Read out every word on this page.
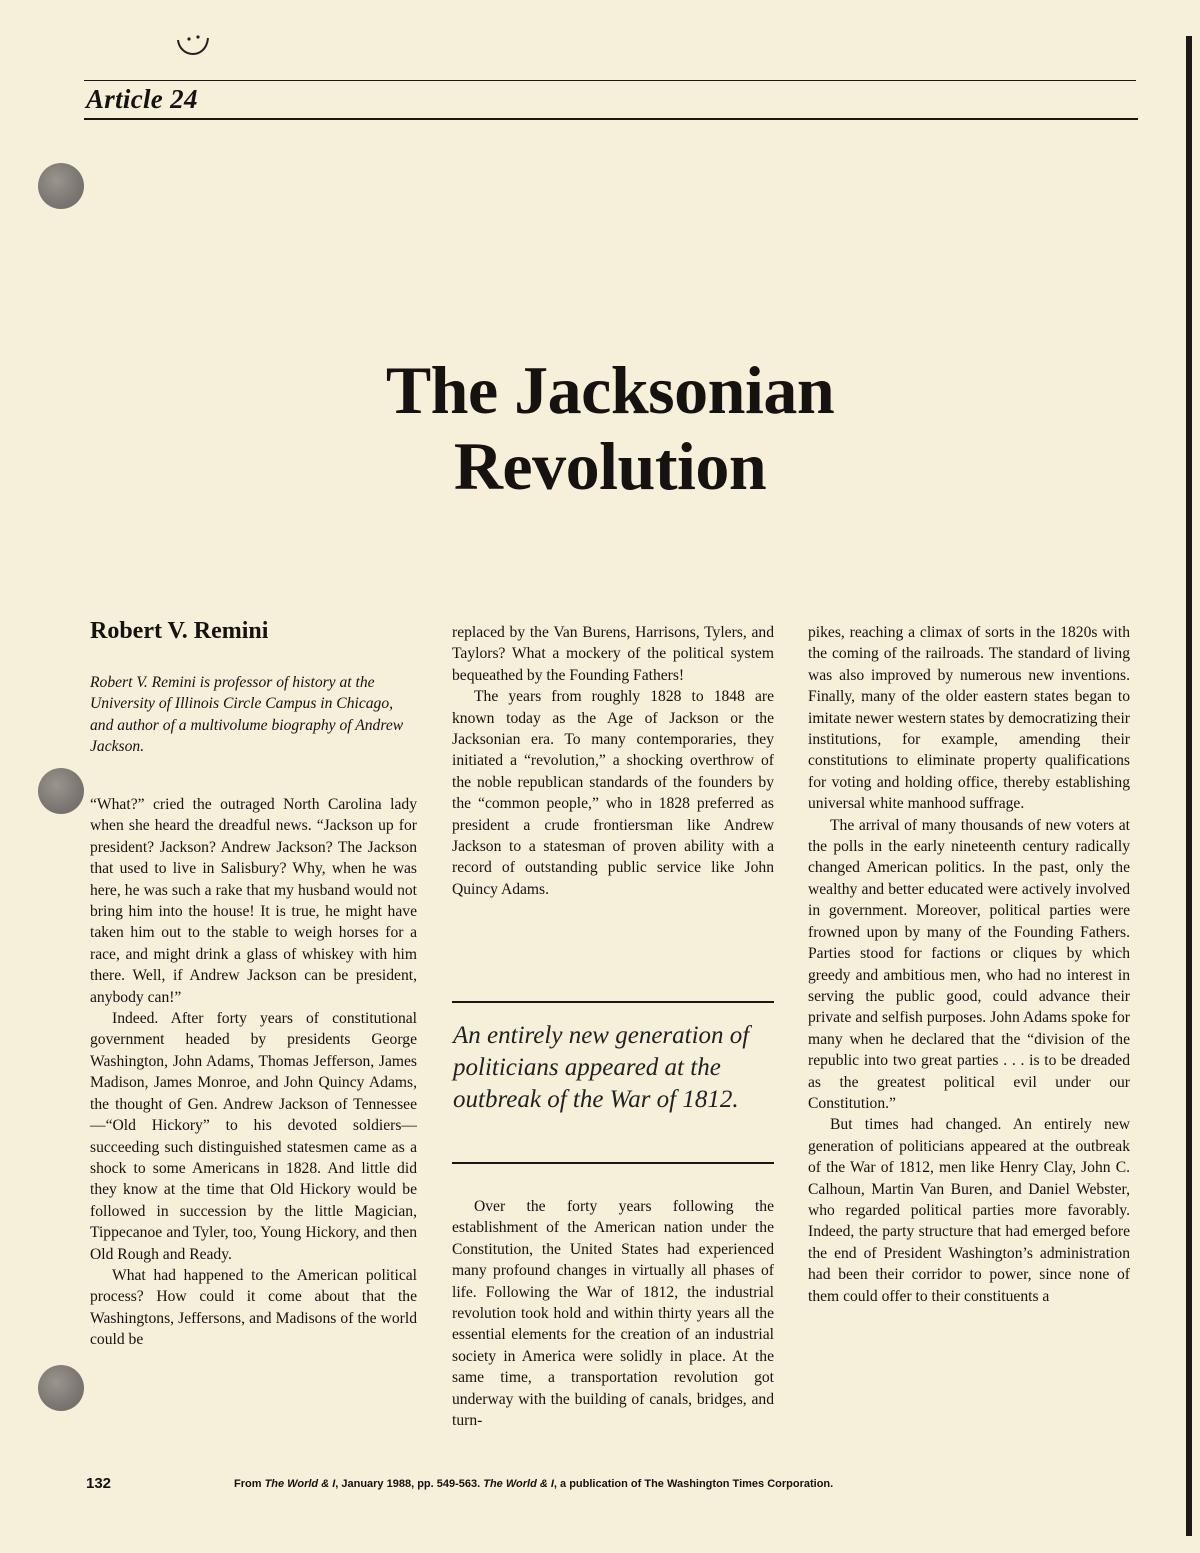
Article 24
The Jacksonian
Revolution
Robert V. Remini
Robert V. Remini is professor of history at the University of Illinois Circle Campus in Chicago, and author of a multivolume biography of Andrew Jackson.

“What?” cried the outraged North Carolina lady when she heard the dreadful news. “Jackson up for president? Jackson? Andrew Jackson? The Jackson that used to live in Salisbury? Why, when he was here, he was such a rake that my husband would not bring him into the house! It is true, he might have taken him out to the stable to weigh horses for a race, and might drink a glass of whiskey with him there. Well, if Andrew Jackson can be president, anybody can!”

Indeed. After forty years of constitutional government headed by presidents George Washington, John Adams, Thomas Jefferson, James Madison, James Monroe, and John Quincy Adams, the thought of Gen. Andrew Jackson of Tennessee—“Old Hickory” to his devoted soldiers—succeeding such distinguished statesmen came as a shock to some Americans in 1828. And little did they know at the time that Old Hickory would be followed in succession by the little Magician, Tippecanoe and Tyler, too, Young Hickory, and then Old Rough and Ready.

What had happened to the American political process? How could it come about that the Washingtons, Jeffersons, and Madisons of the world could be

replaced by the Van Burens, Harrisons, Tylers, and Taylors? What a mockery of the political system bequeathed by the Founding Fathers!

The years from roughly 1828 to 1848 are known today as the Age of Jackson or the Jacksonian era. To many contemporaries, they initiated a “revolution,” a shocking overthrow of the noble republican standards of the founders by the “common people,” who in 1828 preferred as president a crude frontiersman like Andrew Jackson to a statesman of proven ability with a record of outstanding public service like John Quincy Adams.

An entirely new generation of politicians appeared at the outbreak of the War of 1812.

Over the forty years following the establishment of the American nation under the Constitution, the United States had experienced many profound changes in virtually all phases of life. Following the War of 1812, the industrial revolution took hold and within thirty years all the essential elements for the creation of an industrial society in America were solidly in place. At the same time, a transportation revolution got underway with the building of canals, bridges, and turn-

pikes, reaching a climax of sorts in the 1820s with the coming of the railroads. The standard of living was also improved by numerous new inventions. Finally, many of the older eastern states began to imitate newer western states by democratizing their institutions, for example, amending their constitutions to eliminate property qualifications for voting and holding office, thereby establishing universal white manhood suffrage.

The arrival of many thousands of new voters at the polls in the early nineteenth century radically changed American politics. In the past, only the wealthy and better educated were actively involved in government. Moreover, political parties were frowned upon by many of the Founding Fathers. Parties stood for factions or cliques by which greedy and ambitious men, who had no interest in serving the public good, could advance their private and selfish purposes. John Adams spoke for many when he declared that the “division of the republic into two great parties . . . is to be dreaded as the greatest political evil under our Constitution.”

But times had changed. An entirely new generation of politicians appeared at the outbreak of the War of 1812, men like Henry Clay, John C. Calhoun, Martin Van Buren, and Daniel Webster, who regarded political parties more favorably. Indeed, the party structure that had emerged before the end of President Washington’s administration had been their corridor to power, since none of them could offer to their constituents a

132	From The World & I, January 1988, pp. 549-563. The World & I, a publication of The Washington Times Corporation.
